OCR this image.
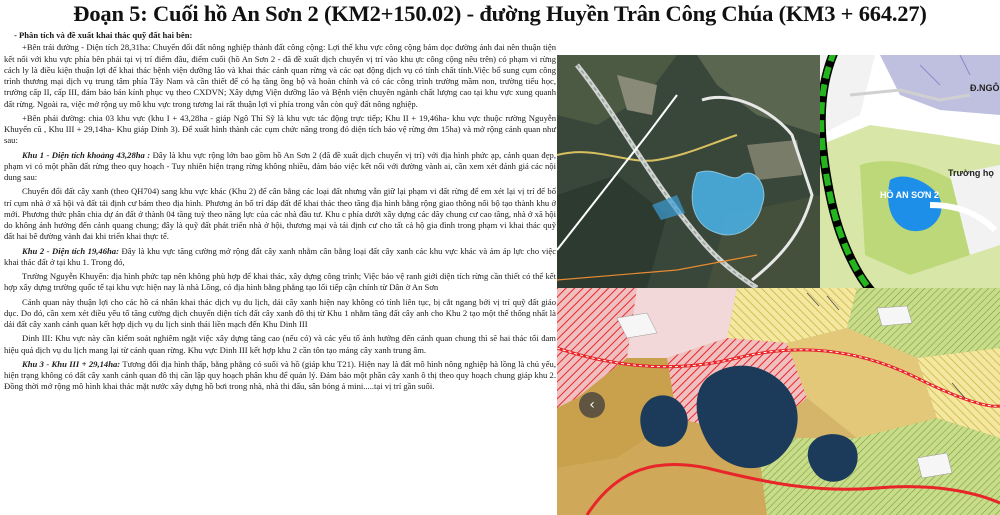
Đoạn 5: Cuối hồ An Sơn 2 (KM2+150.02) - đường Huyền Trân Công Chúa (KM3 + 664.27)

- Phân tích và đề xuất khai thác quỹ đất hai bên:

+Bên trái đường - Diện tích 28,31ha: Chuyển đổi đất nông nghiệp thành đất công cộng: Lợi thế khu vực công cộng bám dọc đường ảnh đai nên thuận tiện kết nối với khu vực phía bên phải tại vị trí điểm đầu, điểm cuối (hồ An Sơn 2 - đã đề xuất dịch chuyển vị trí vào khu ực công cộng nêu trên) có phạm vi rừng cách ly là điều kiện thuận lợi để khai thác bệnh viện dưỡng lão và khai thác cảnh quan rừng và các oạt động dịch vụ có tính chất tỉnh.Việc bổ sung cụm công trình thương mại dịch vụ trung tâm phía Tây Nam và cần thiết để có hạ tầng ồng bộ và hoàn chỉnh và có các công trình trường mầm non, trường tiểu học, trường cấp II, cấp III, đảm bảo bán kính phục vụ theo CXDVN; Xây dựng Viện dưỡng lão và Bệnh viện chuyên ngành chất lượng cao tại khu vực xung quanh đất rừng. Ngoài ra, việc mở rộng uy mô khu vực trong tương lai rất thuận lợi vì phía trong vẫn còn quỹ đất nông nghiệp.

+Bên phải đường: chia 03 khu vực (khu I + 43,28ha - giáp Ngô Thì Sỹ là khu vực tác động trực tiếp; Khu II + 19,46ha- khu vực thuộc rường Nguyễn Khuyến cũ , Khu III + 29,14ha- Khu giáp Dinh 3). Để xuất hình thành các cụm chức năng trong đó diện tích bảo vệ rừng ớm 15ha) và mở rộng cảnh quan như sau:

Khu 1 - Diện tích khoảng 43,28ha : Đây là khu vực rộng lớn bao gồm hồ An Sơn 2 (đã đề xuất dịch chuyển vị trí) với địa hình phức ạp, cảnh quan đẹp, phạm vi có một phần đất rừng theo quy hoạch - Tuy nhiên hiện trạng rừng không nhiều, đảm bảo việc kết nối với đường vành ai, cần xem xét đánh giá các nội dung sau:

Chuyển đổi đất cây xanh (theo QH704) sang khu vực khác (Khu 2) để cân bằng các loại đất nhưng vẫn giữ lại phạm vi đất rừng để em xét lại vị trí để bố trí cụm nhà ở xã hội và đất tái định cư bám theo địa hình. Phương án bố trí đáp đất để khai thác theo tầng địa hình bằng rộng giao thông nối bộ tạo thành khu ở mới. Phương thức phân chia dự án đất ở thành 04 tầng tuỳ theo năng lực của các nhà đầu tư. Khu c phía dưới xây dựng các dãy chung cư cao tầng, nhà ở xã hội do không ảnh hưởng đến cảnh quang chung; đây là quỹ đất phát triển nhà ở hội, thương mại và tái định cư cho tất cả hộ gia đình trong phạm vi khai thác quỹ đất hai bê đường vành đai khi triển khai thực tế.

Khu 2 - Diện tích 19,46ha: Đây là khu vực tăng cường mở rộng đất cây xanh nhằm cân bằng loại đất cây xanh các khu vực khác và ảm áp lực cho việc khai thác đất ở tại khu 1. Trong đó,

Trường Nguyễn Khuyến: địa hình phức tạp nên không phù hợp để khai thác, xây dựng công trình; Việc bảo vệ ranh giới diện tích rừng cần thiết có thể kết hợp xây dựng trường quốc tế tại khu vực hiện nay là nhà Lồng, có địa hình bằng phẳng tạo lối tiếp cận chính từ Dân ờ An Sơn

Cảnh quan này thuận lợi cho các hồ cá nhân khai thác dịch vụ du lịch, dải cây xanh hiện nay không có tính liên tục, bị cắt ngang bởi vị trí quỹ đất giáo dục. Do đó, cần xem xét điều yếu tố tăng cường dịch chuyển diện tích đất cây xanh đô thị từ Khu 1 nhằm tăng đất cây anh cho Khu 2 tạo một thế thống nhất là dải đất cây xanh cảnh quan kết hợp dịch vụ du lịch sinh thái liền mạch đến Khu Dinh III

Dinh III: Khu vực này cần kiểm soát nghiêm ngặt việc xây dựng tăng cao (nếu có) và các yếu tố ảnh hưởng đến cảnh quan chung thì sẽ hai thác tối đam hiệu quả dịch vụ du lịch mang lại từ cảnh quan rừng. Khu vực Dinh III kết hợp khu 2 cần tôn tạo mảng cây xanh trung âm.

Khu 3 - Khu III + 29,14ha: Tương đối địa hình thấp, bằng phẳng có suối và hồ (giáp khu T21). Hiện nay là đất mô hình nông nghiệp hà lồng là chủ yếu, hiện trạng không có đất cây xanh cảnh quan đô thị cần lập quy hoạch phân khu để quản lý. Đảm bảo một phần cây xanh ô thị theo quy hoạch chung giáp khu 2. Đồng thời mở rộng mô hình khai thác mặt nước xây dựng hồ bơi trong nhà, nhà thi đấu, sân bóng á mini.....tại vị trí gần suối.

Đ.NGÔ
HỒ AN SƠN 2
Trường họ
‹
